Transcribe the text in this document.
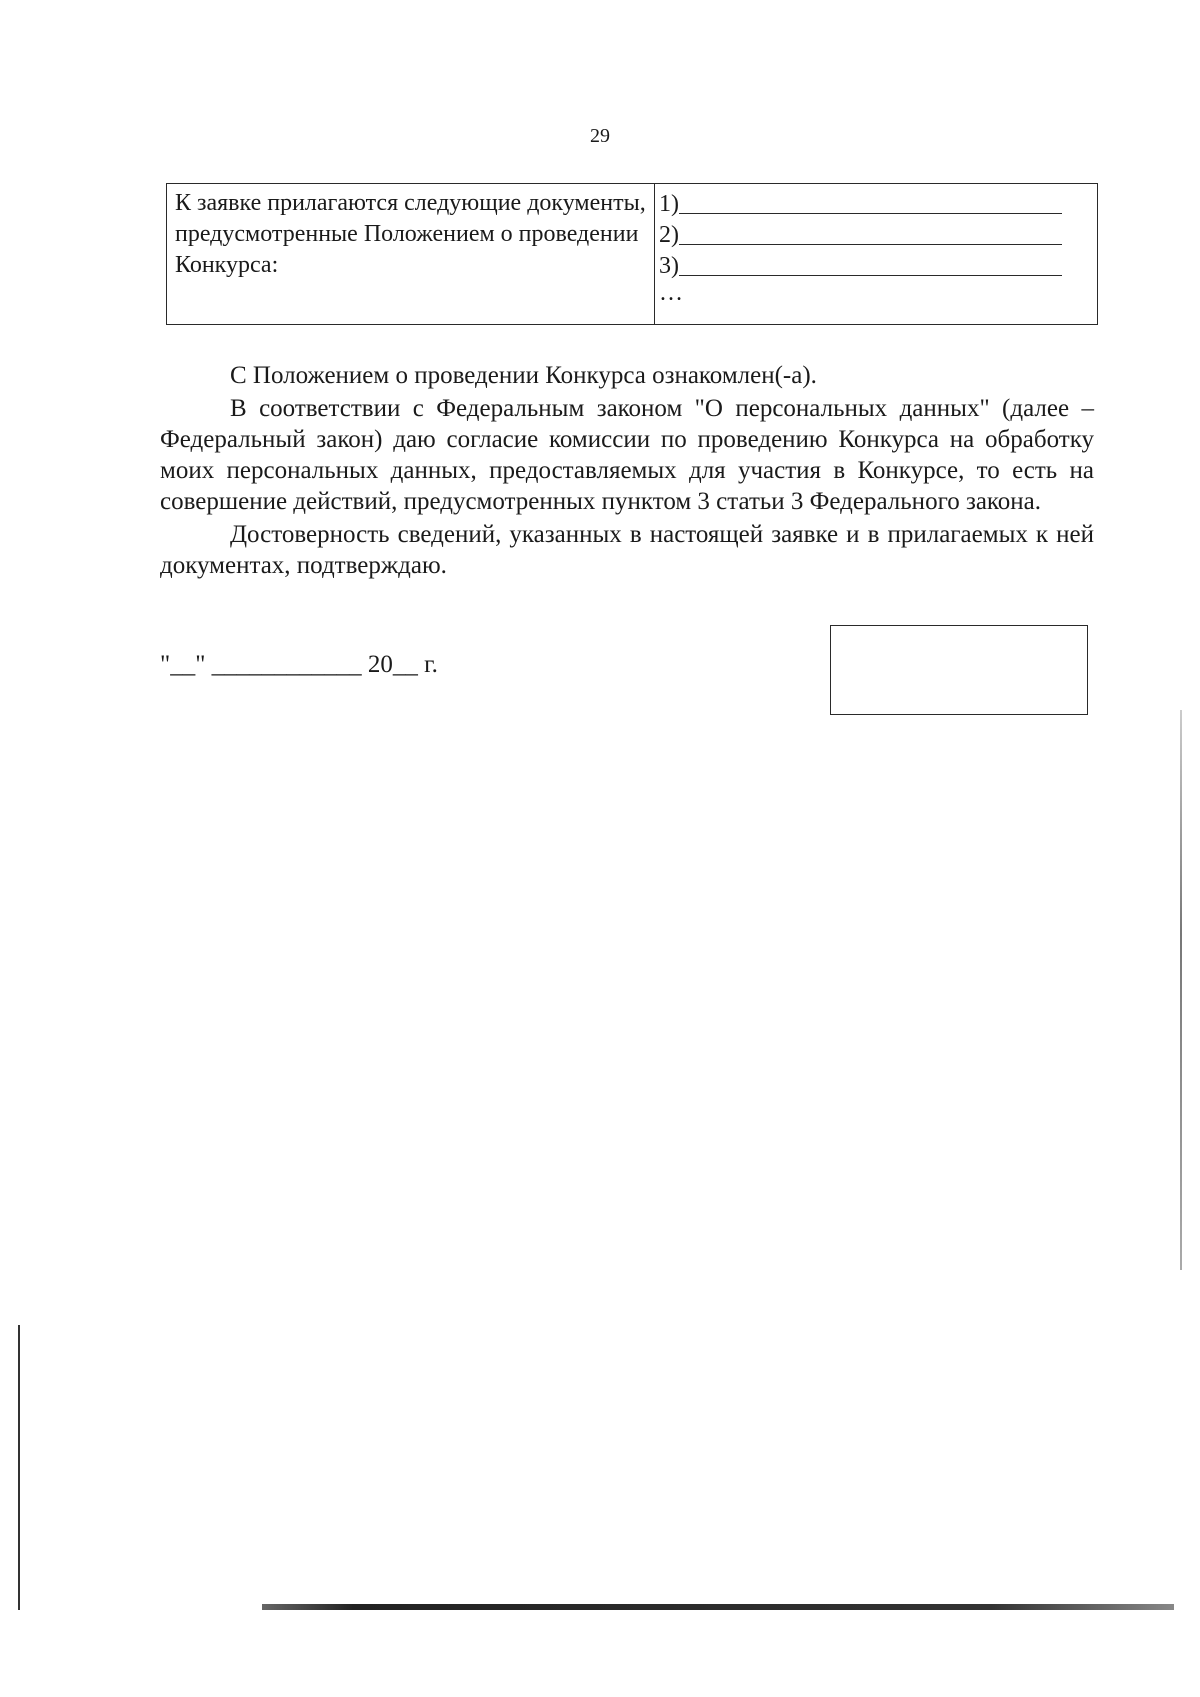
29
К заявке прилагаются следующие документы, предусмотренные Положением о проведении Конкурса:
1)
2)
3)
…

С Положением о проведении Конкурса ознакомлен(-а).

В соответствии с Федеральным законом "О персональных данных" (далее – Федеральный закон) даю согласие комиссии по проведению Конкурса на обработку моих персональных данных, предоставляемых для участия в Конкурсе, то есть на совершение действий, предусмотренных пунктом 3 статьи 3 Федерального закона.

Достоверность сведений, указанных в настоящей заявке и в прилагаемых к ней документах, подтверждаю.

"__" ____________ 20__ г.
